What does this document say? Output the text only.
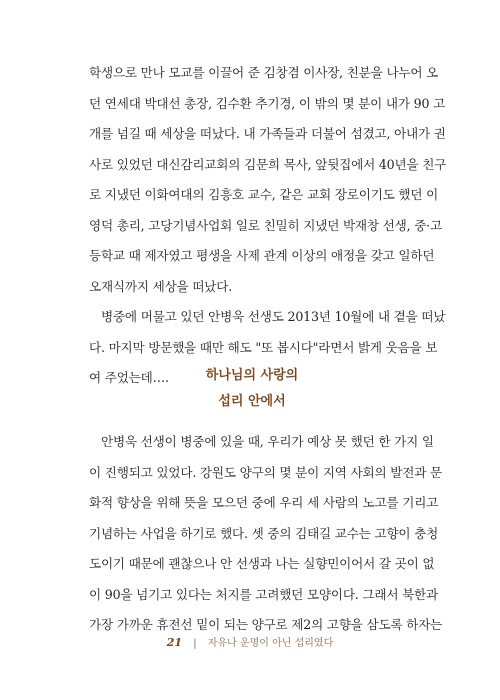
학생으로 만나 모교를 이끌어 준 김창겸 이사장, 친분을 나누어 오
던 연세대 박대선 총장, 김수환 추기경, 이 밖의 몇 분이 내가 90 고
개를 넘길 때 세상을 떠났다. 내 가족들과 더불어 섬겼고, 아내가 권
사로 있었던 대신감리교회의 김문희 목사, 앞뒷집에서 40년을 친구
로 지냈던 이화여대의 김흥호 교수, 같은 교회 장로이기도 했던 이
영덕 총리, 고당기념사업회 일로 친밀히 지냈던 박재창 선생, 중·고
등학교 때 제자였고 평생을 사제 관계 이상의 애정을 갖고 일하던
오재식까지 세상을 떠났다.
병중에 머물고 있던 안병욱 선생도 2013년 10월에 내 곁을 떠났
다. 마지막 방문했을 때만 해도 "또 봅시다"라면서 밝게 웃음을 보
여 주었는데….	하나님의 사랑의
섭리 안에서
안병욱 선생이 병중에 있을 때, 우리가 예상 못 했던 한 가지 일
이 진행되고 있었다. 강원도 양구의 몇 분이 지역 사회의 발전과 문
화적 향상을 위해 뜻을 모으던 중에 우리 세 사람의 노고를 기리고
기념하는 사업을 하기로 했다. 셋 중의 김태길 교수는 고향이 충청
도이기 때문에 괜찮으나 안 선생과 나는 실향민이어서 갈 곳이 없
이 90을 넘기고 있다는 처지를 고려했던 모양이다. 그래서 북한과
가장 가까운 휴전선 밑이 되는 양구로 제2의 고향을 삼도록 하자는
21 | 자유나 운명이 아닌 섭리였다
